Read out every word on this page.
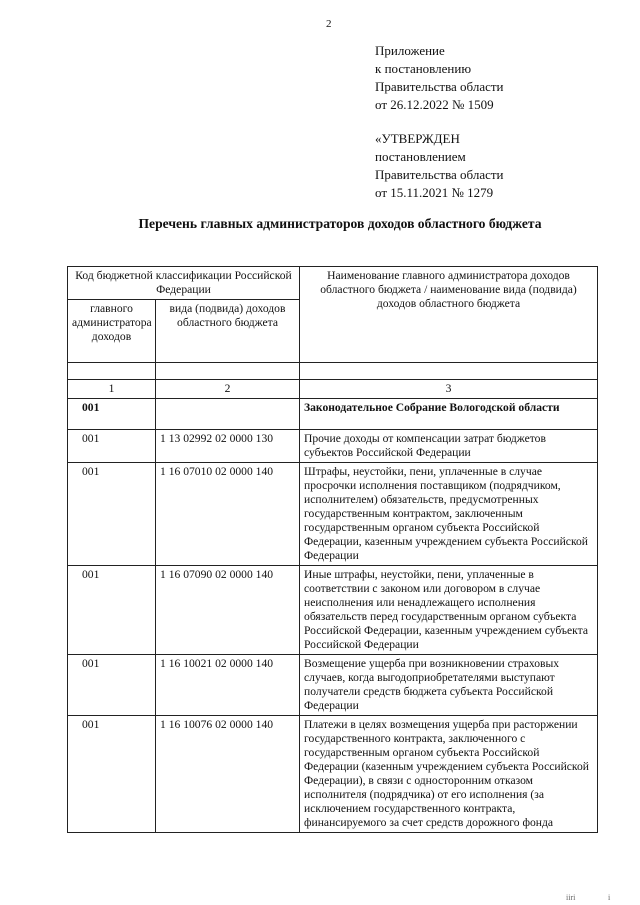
2
Приложение
к постановлению
Правительства области
от 26.12.2022 № 1509
«УТВЕРЖДЕН
постановлением
Правительства области
от 15.11.2021 № 1279
Перечень главных администраторов доходов областного бюджета
Код бюджетной классификации Российской Федерации		Наименование главного администратора доходов областного бюджета / наименование вида (подвида) доходов областного бюджета
главного администратора доходов	вида (подвида) доходов областного бюджета	

1	2	3
001		Законодательное Собрание Вологодской области
001	1 13 02992 02 0000 130	Прочие доходы от компенсации затрат бюджетов субъектов Российской Федерации
001	1 16 07010 02 0000 140	Штрафы, неустойки, пени, уплаченные в случае просрочки исполнения поставщиком (подрядчиком, исполнителем) обязательств, предусмотренных государственным контрактом, заключенным государственным органом субъекта Российской Федерации, казенным учреждением субъекта Российской Федерации
001	1 16 07090 02 0000 140	Иные штрафы, неустойки, пени, уплаченные в соответствии с законом или договором в случае неисполнения или ненадлежащего исполнения обязательств перед государственным органом субъекта Российской Федерации, казенным учреждением субъекта Российской Федерации
001	1 16 10021 02 0000 140	Возмещение ущерба при возникновении страховых случаев, когда выгодоприобретателями выступают получатели средств бюджета субъекта Российской Федерации
001	1 16 10076 02 0000 140	Платежи в целях возмещения ущерба при расторжении государственного контракта, заключенного с государственным органом субъекта Российской Федерации (казенным учреждением субъекта Российской Федерации), в связи с односторонним отказом исполнителя (подрядчика) от его исполнения (за исключением государственного контракта, финансируемого за счет средств дорожного фонда
iiri	i
